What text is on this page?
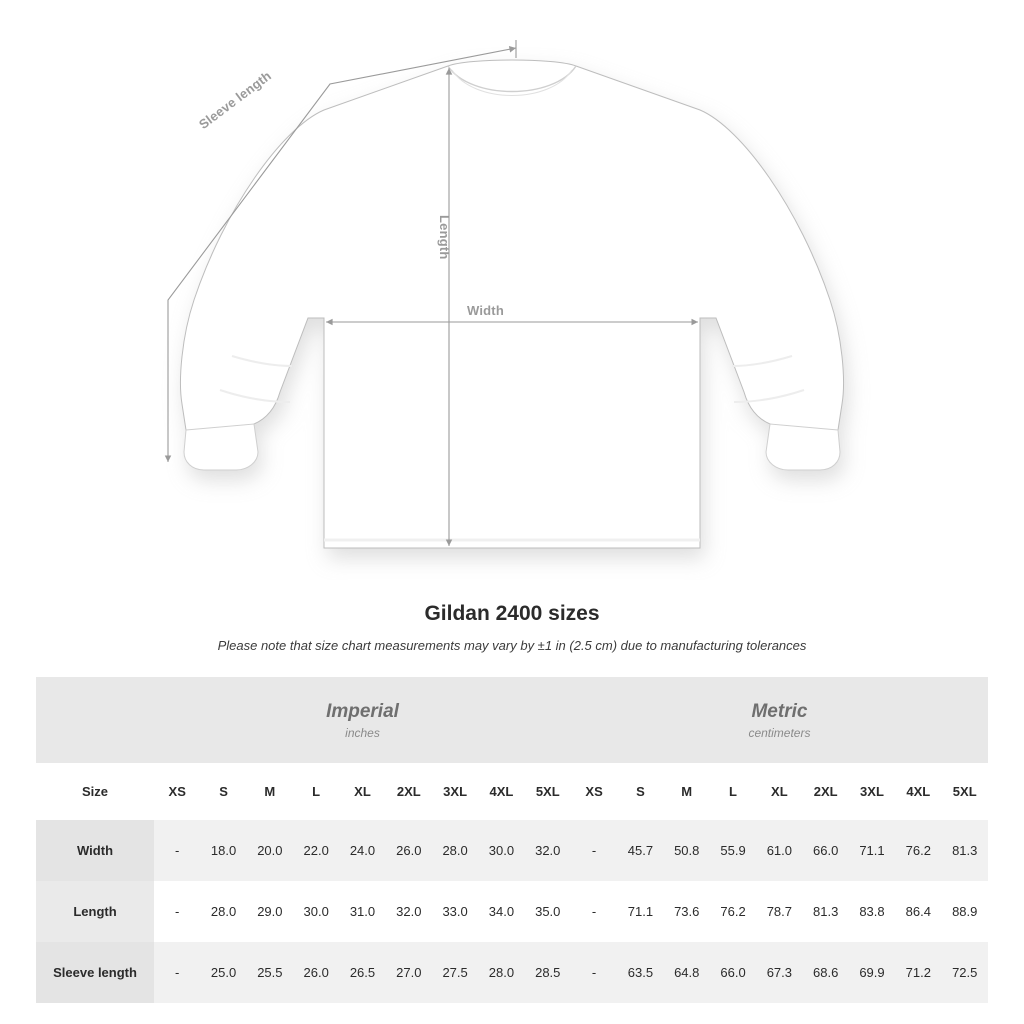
Sleeve length
Length
Width
Gildan 2400 sizes
Please note that size chart measurements may vary by ±1 in (2.5 cm) due to manufacturing tolerances

	Imperial
inches									Metric
centimeters								

Size	XS	S	M	L	XL	2XL	3XL	4XL	5XL	XS	S	M	L	XL	2XL	3XL	4XL	5XL
Width	-	18.0	20.0	22.0	24.0	26.0	28.0	30.0	32.0	-	45.7	50.8	55.9	61.0	66.0	71.1	76.2	81.3
Length	-	28.0	29.0	30.0	31.0	32.0	33.0	34.0	35.0	-	71.1	73.6	76.2	78.7	81.3	83.8	86.4	88.9
Sleeve length	-	25.0	25.5	26.0	26.5	27.0	27.5	28.0	28.5	-	63.5	64.8	66.0	67.3	68.6	69.9	71.2	72.5
